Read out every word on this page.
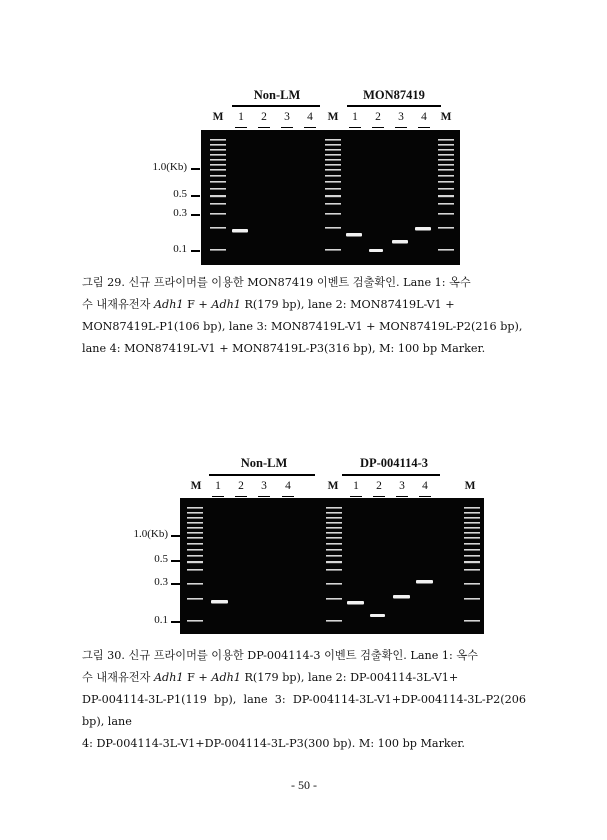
Non-LM	MON87419
M	1	2	3	4	M	1	2	3	4	M
1.0(Kb)
0.5
0.3
0.1
그림 29. 신규 프라이머를 이용한 MON87419 이벤트 검출확인. Lane 1: 옥수
수 내재유전자 Adh1 F + Adh1 R(179 bp), lane 2: MON87419L-V1 +
MON87419L-P1(106 bp), lane 3: MON87419L-V1 + MON87419L-P2(216 bp),
lane 4: MON87419L-V1 + MON87419L-P3(316 bp), M: 100 bp Marker.
Non-LM	DP-004114-3
M	1	2	3	4	M	1	2	3	4	M
1.0(Kb)
0.5
0.3
0.1
그림 30. 신규 프라이머를 이용한 DP-004114-3 이벤트 검출확인. Lane 1: 옥수
수 내재유전자 Adh1 F + Adh1 R(179 bp), lane 2: DP-004114-3L-V1+
DP-004114-3L-P1(119 bp), lane 3: DP-004114-3L-V1+DP-004114-3L-P2(206 bp), lane
4: DP-004114-3L-V1+DP-004114-3L-P3(300 bp). M: 100 bp Marker.
- 50 -
